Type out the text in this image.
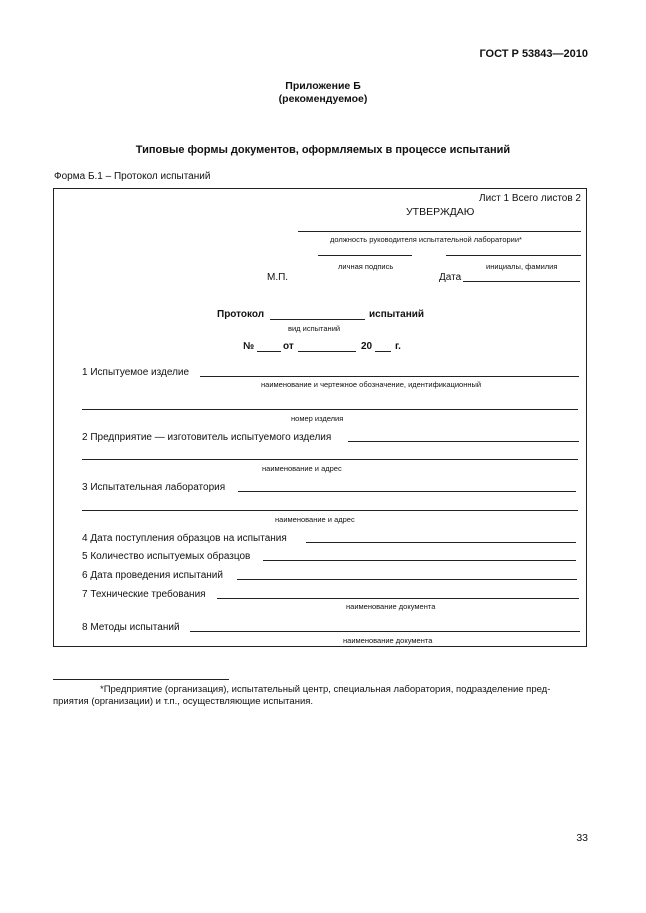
ГОСТ Р 53843—2010
Приложение Б
(рекомендуемое)
Типовые формы документов, оформляемых в процессе испытаний
Форма Б.1 – Протокол испытаний
Лист 1 Всего листов 2
УТВЕРЖДАЮ
должность руководителя испытательной лаборатории*
личная подпись	инициалы, фамилия
М.П.	Дата
Протокол	испытаний
вид испытаний
№	от	20 г.
1 Испытуемое изделие
наименование и чертежное обозначение, идентификационный
номер изделия
2 Предприятие — изготовитель испытуемого изделия
наименование и адрес
3 Испытательная лаборатория
наименование и адрес
4 Дата поступления образцов на испытания
5 Количество испытуемых образцов
6 Дата проведения испытаний
7 Технические требования
наименование документа
8 Методы испытаний
наименование документа
*Предприятие (организация), испытательный центр, специальная лаборатория, подразделение пред-
приятия (организации) и т.п., осуществляющие испытания.
33
